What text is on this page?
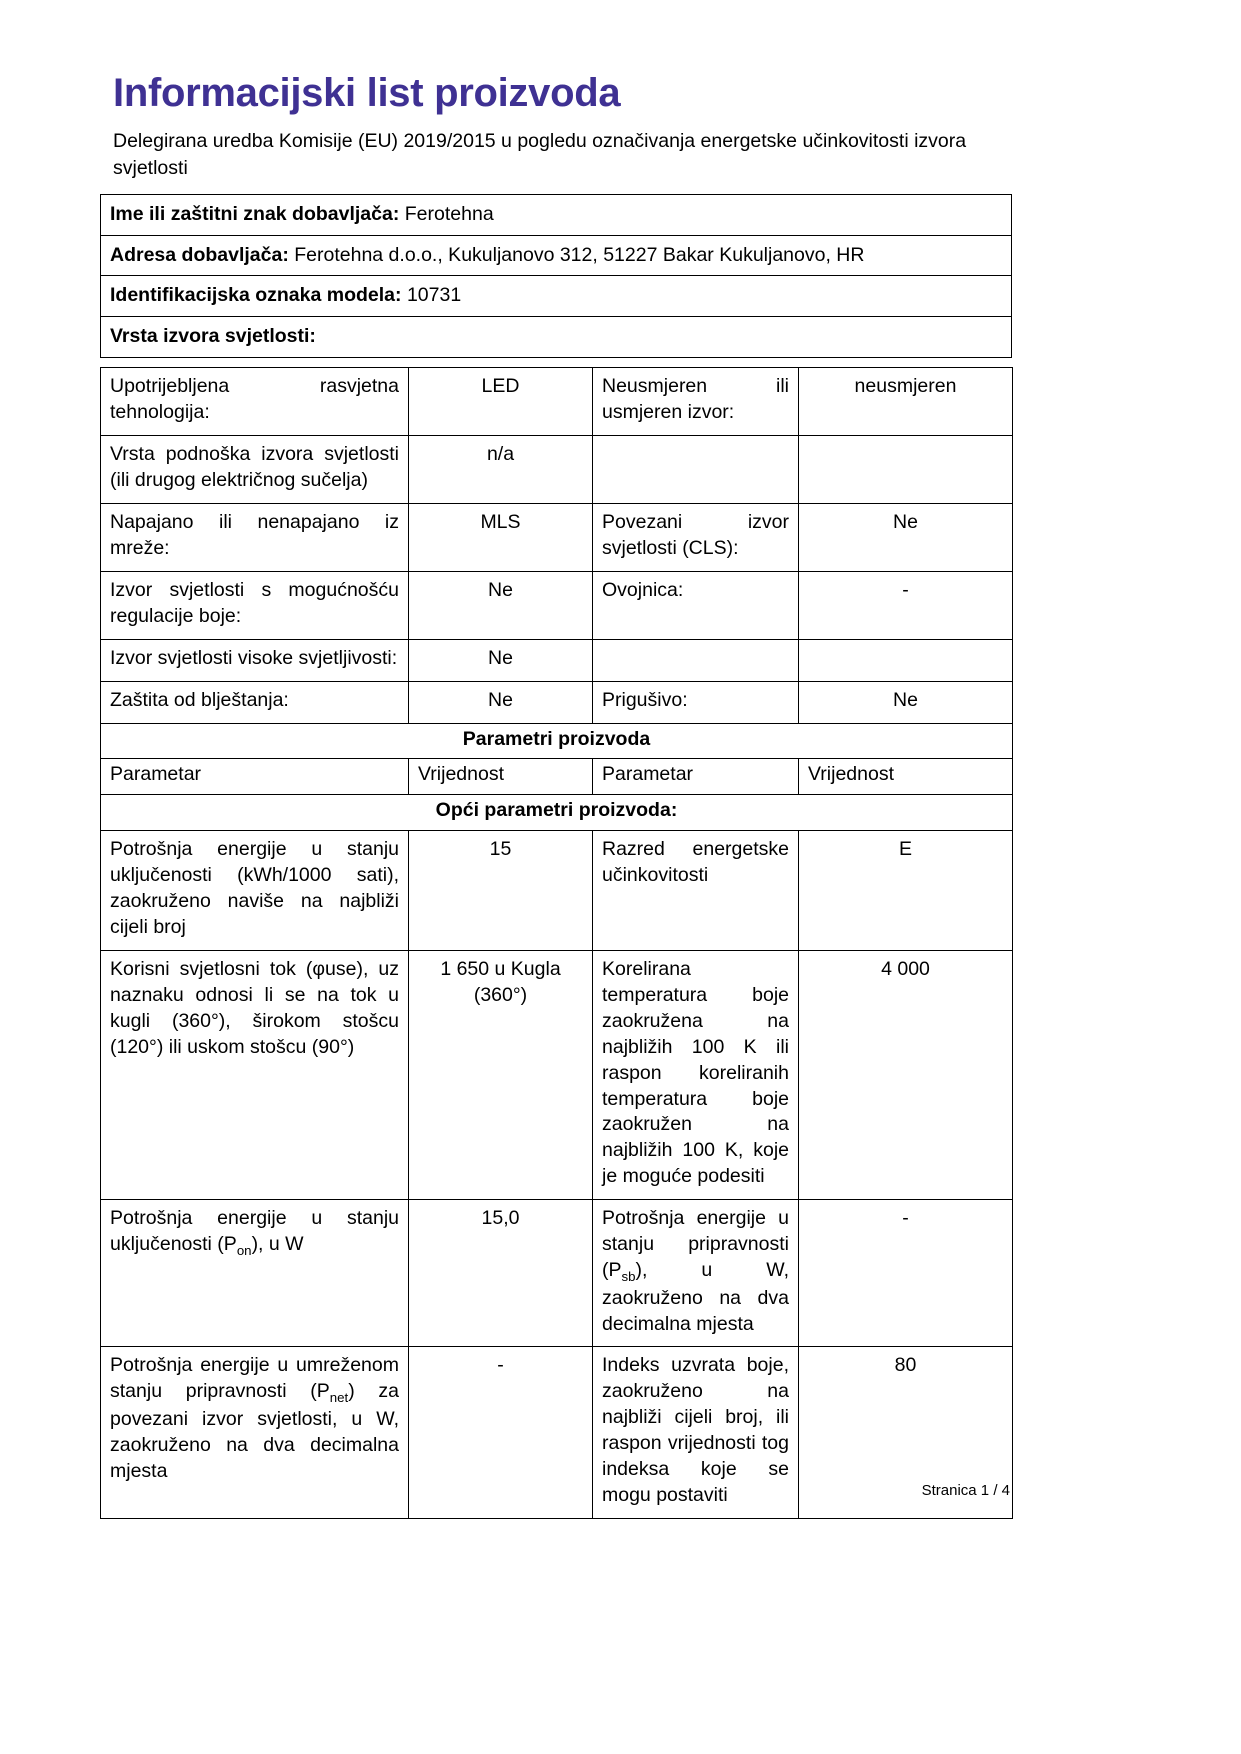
Informacijski list proizvoda

Delegirana uredba Komisije (EU) 2019/2015 u pogledu označivanja energetske učinkovitosti izvora svjetlosti

Ime ili zaštitni znak dobavljača: Ferotehna
Adresa dobavljača: Ferotehna d.o.o., Kukuljanovo 312, 51227 Bakar Kukuljanovo, HR
Identifikacijska oznaka modela: 10731
Vrsta izvora svjetlosti:
Upotrijebljena rasvjetna tehnologija:	LED	Neusmjeren ili usmjeren izvor:	neusmjeren
Vrsta podnoška izvora svjetlosti (ili drugog električnog sučelja)	n/a		
Napajano ili nenapajano iz mreže:	MLS	Povezani izvor svjetlosti (CLS):	Ne
Izvor svjetlosti s mogućnošću regulacije boje:	Ne	Ovojnica:	-
Izvor svjetlosti visoke svjetljivosti:	Ne		
Zaštita od blještanja:	Ne	Prigušivo:	Ne
Parametri proizvoda			
Parametar	Vrijednost	Parametar	Vrijednost
Opći parametri proizvoda:			
Potrošnja energije u stanju uključenosti (kWh/1000 sati), zaokruženo naviše na najbliži cijeli broj	15	Razred energetske učinkovitosti	E
Korisni svjetlosni tok (φuse), uz naznaku odnosi li se na tok u kugli (360°), širokom stošcu (120°) ili uskom stošcu (90°)	1 650 u Kugla (360°)	Korelirana temperatura boje zaokružena na najbližih 100 K ili raspon koreliranih temperatura boje zaokružen na najbližih 100 K, koje je moguće podesiti	4 000
Potrošnja energije u stanju uključenosti $(P_{on})$, u W	15,0	Potrošnja energije u stanju pripravnosti $(P_{sb})$, u W, zaokruženo na dva decimalna mjesta	-
Potrošnja energije u umreženom stanju pripravnosti $(P_{net})$ za povezani izvor svjetlosti, u W, zaokruženo na dva decimalna mjesta	-	Indeks uzvrata boje, zaokruženo na najbliži cijeli broj, ili raspon vrijednosti tog indeksa koje se mogu postaviti	80
Stranica 1 / 4
